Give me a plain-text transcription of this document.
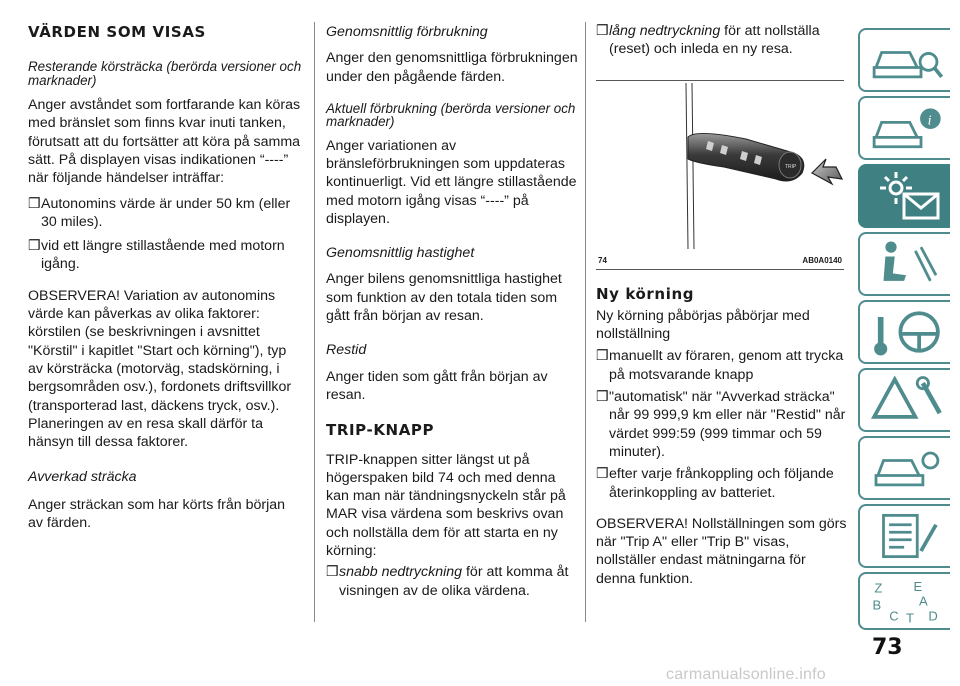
VÄRDEN SOM VISAS

Resterande körsträcka (berörda versioner och marknader)

Anger avståndet som fortfarande kan köras med bränslet som finns kvar inuti tanken, förutsatt att du fortsätter att köra på samma sätt. På displayen visas indikationen “----” när följande händelser inträffar:

❒ Autonomins värde är under 50 km (eller 30 miles).

❒ vid ett längre stillastående med motorn igång.

OBSERVERA! Variation av autonomins värde kan påverkas av olika faktorer: körstilen (se beskrivningen i avsnittet "Körstil" i kapitlet "Start och körning"), typ av körsträcka (motorväg, stadskörning, i bergsområden osv.), fordonets driftsvillkor (transporterad last, däckens tryck, osv.). Planeringen av en resa skall därför ta hänsyn till dessa faktorer.

Avverkad sträcka

Anger sträckan som har körts från början av färden.

Genomsnittlig förbrukning

Anger den genomsnittliga förbrukningen under den pågående färden.

Aktuell förbrukning (berörda versioner och marknader)

Anger variationen av bränsleförbrukningen som uppdateras kontinuerligt. Vid ett längre stillastående med motorn igång visas “----” på displayen.

Genomsnittlig hastighet

Anger bilens genomsnittliga hastighet som funktion av den totala tiden som gått från början av resan.

Restid

Anger tiden som gått från början av resan.

TRIP-KNAPP

TRIP-knappen sitter längst ut på högerspaken bild 74 och med denna kan man när tändningsnyckeln står på MAR visa värdena som beskrivs ovan och nollställa dem för att starta en ny körning:

❒ snabb nedtryckning för att komma åt visningen av de olika värdena.

❒ lång nedtryckning för att nollställa (reset) och inleda en ny resa.

TRIP
74	AB0A0140

Ny körning

Ny körning påbörjas påbörjar med nollställning

❒ manuellt av föraren, genom att trycka på motsvarande knapp

❒ "automatisk" när "Avverkad sträcka" når 99 999,9 km eller när "Restid" når värdet 999:59 (999 timmar och 59 minuter).

❒ efter varje frånkoppling och följande återinkoppling av batteriet.

OBSERVERA! Nollställningen som görs när "Trip A" eller "Trip B" visas, nollställer endast mätningarna för denna funktion.

i
Z E
A
B
C T D
73
carmanualsonline.info
